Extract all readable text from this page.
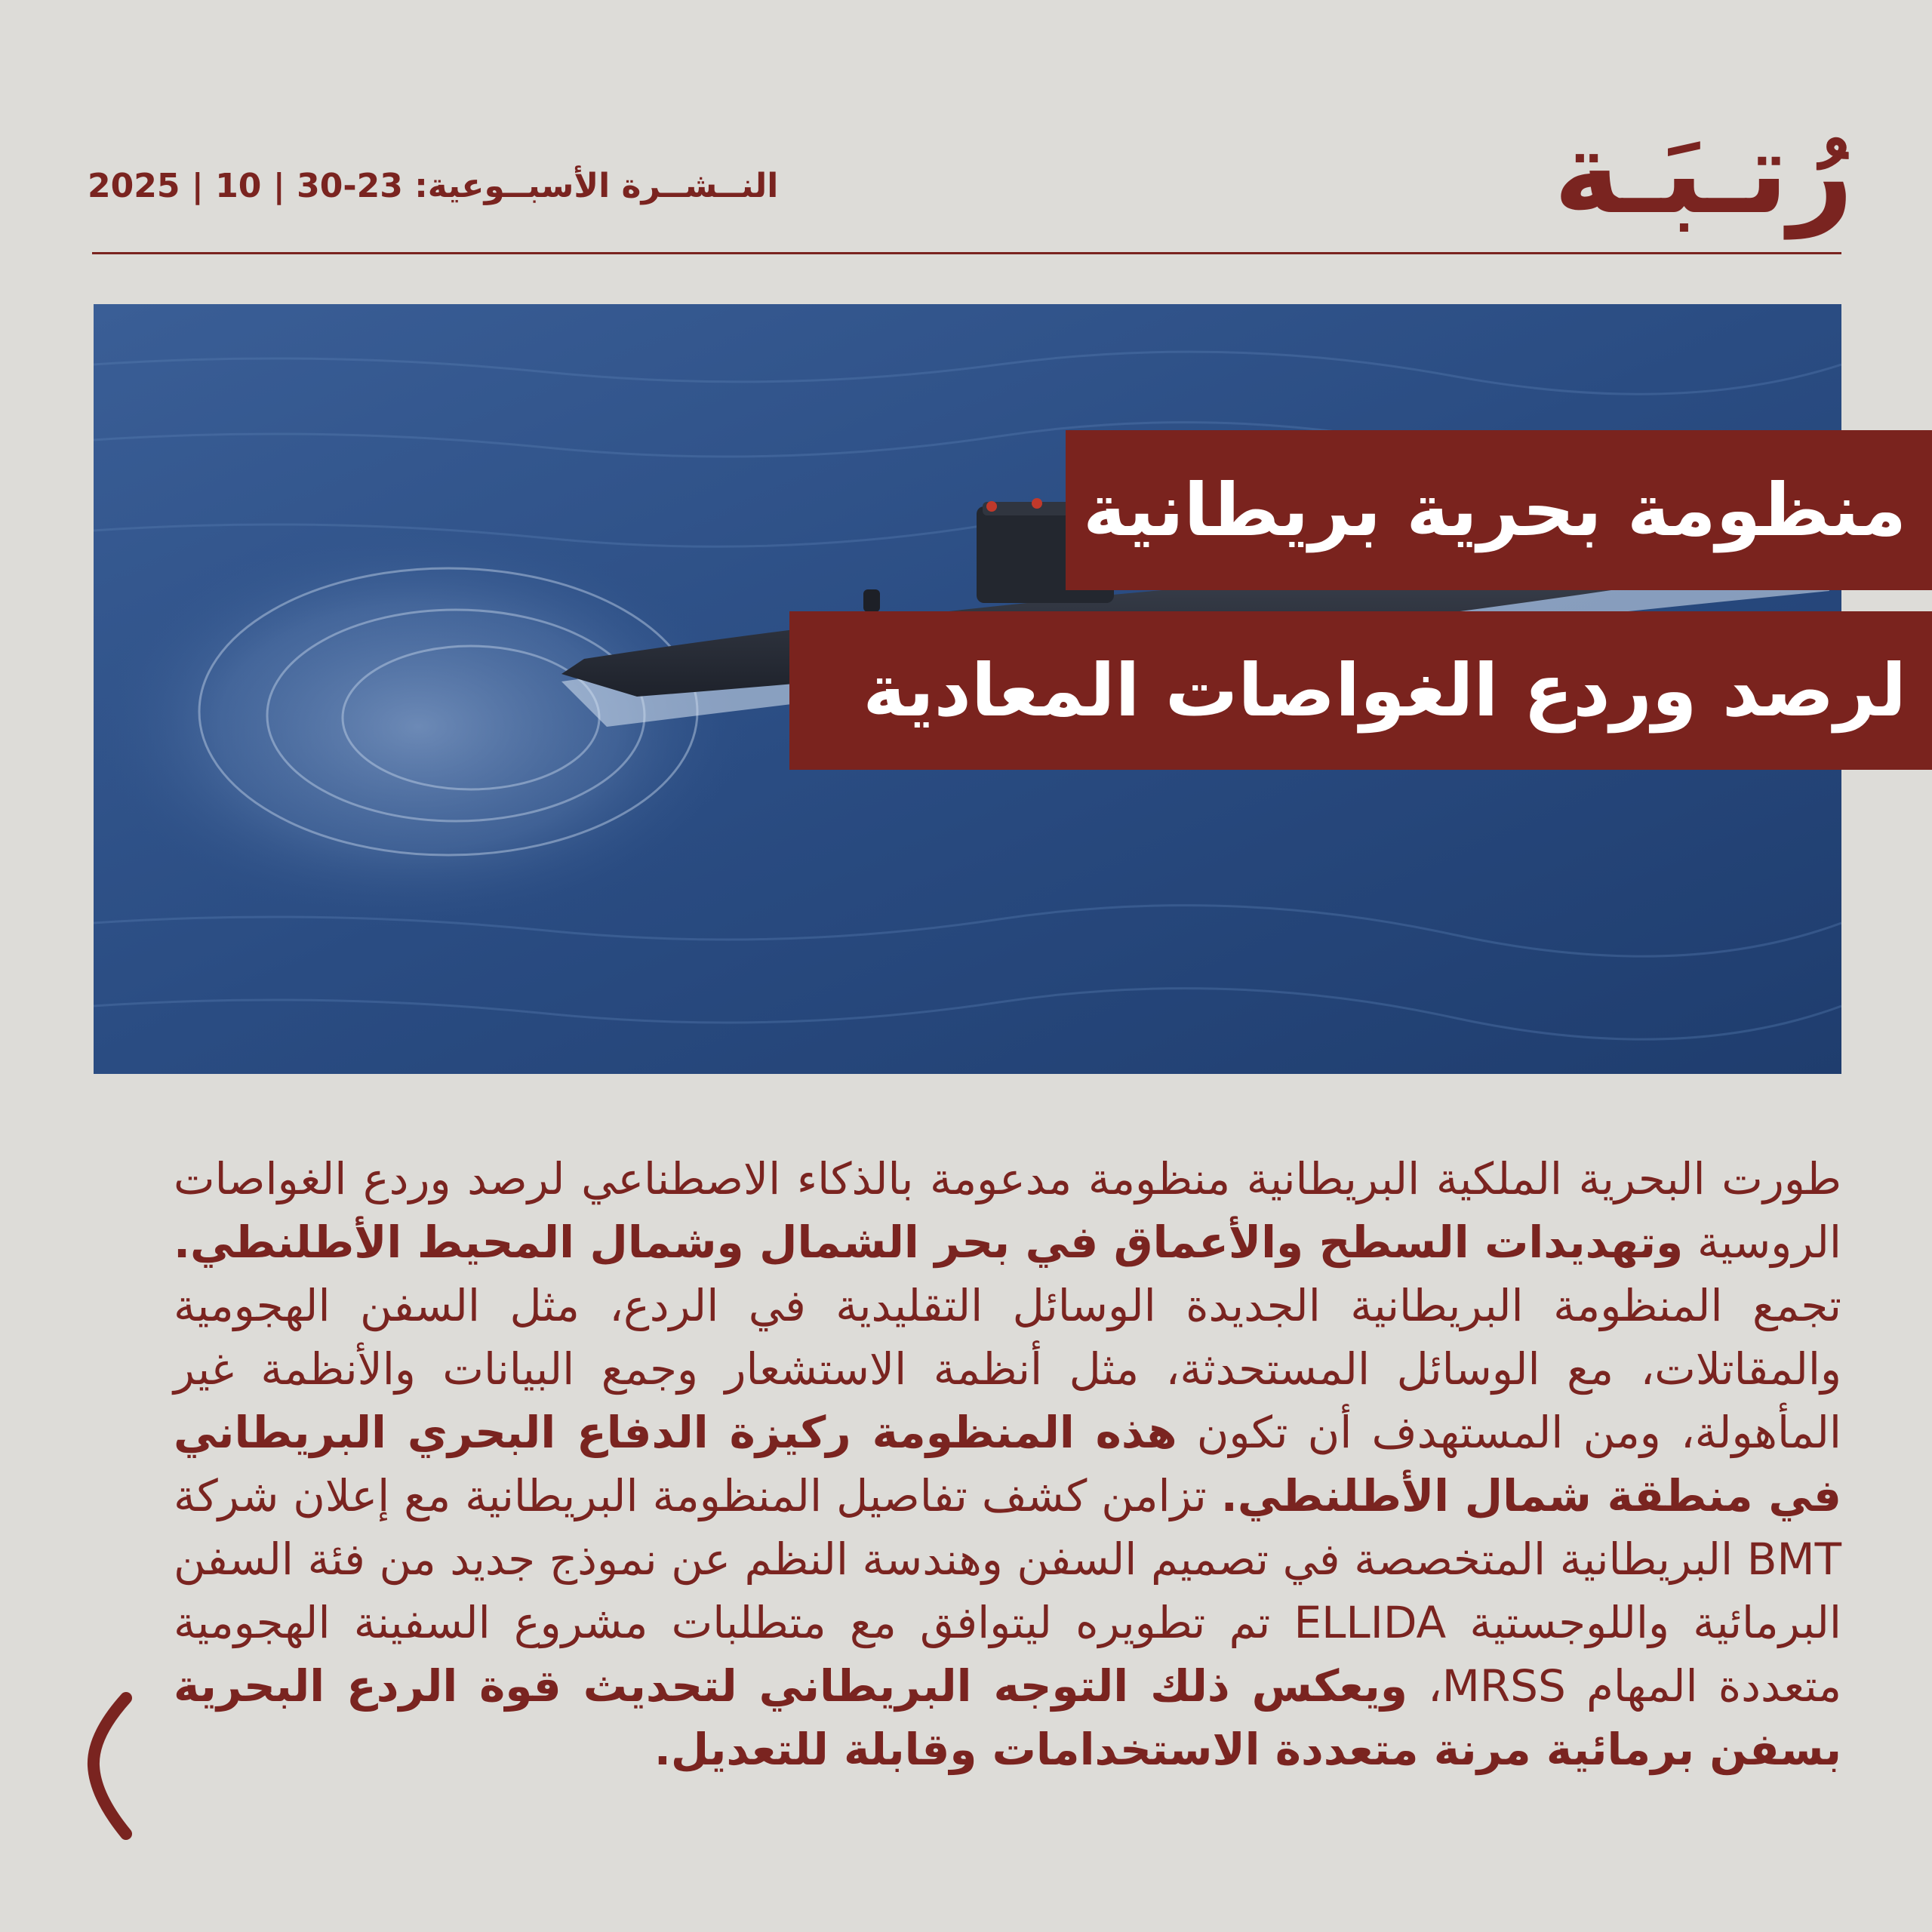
رُتـبَـة
النــشــرة الأسبــوعية: 23-30 | 10 | 2025
منظومة بحرية بريطانية
لرصد وردع الغواصات المعادية
طورت البحرية الملكية البريطانية منظومة مدعومة بالذكاء الاصطناعي لرصد وردع الغواصات الروسية وتهديدات السطح والأعماق في بحر الشمال وشمال المحيط الأطلنطي. تجمع المنظومة البريطانية الجديدة الوسائل التقليدية في الردع، مثل السفن الهجومية والمقاتلات، مع الوسائل المستحدثة، مثل أنظمة الاستشعار وجمع البيانات والأنظمة غير المأهولة، ومن المستهدف أن تكون هذه المنظومة ركيزة الدفاع البحري البريطاني في منطقة شمال الأطلنطي. تزامن كشف تفاصيل المنظومة البريطانية مع إعلان شركة BMT البريطانية المتخصصة في تصميم السفن وهندسة النظم عن نموذج جديد من فئة السفن البرمائية واللوجستية ELLIDA تم تطويره ليتوافق مع متطلبات مشروع السفينة الهجومية متعددة المهام MRSS، ويعكس ذلك التوجه البريطاني لتحديث قوة الردع البحرية بسفن برمائية مرنة متعددة الاستخدامات وقابلة للتعديل.
